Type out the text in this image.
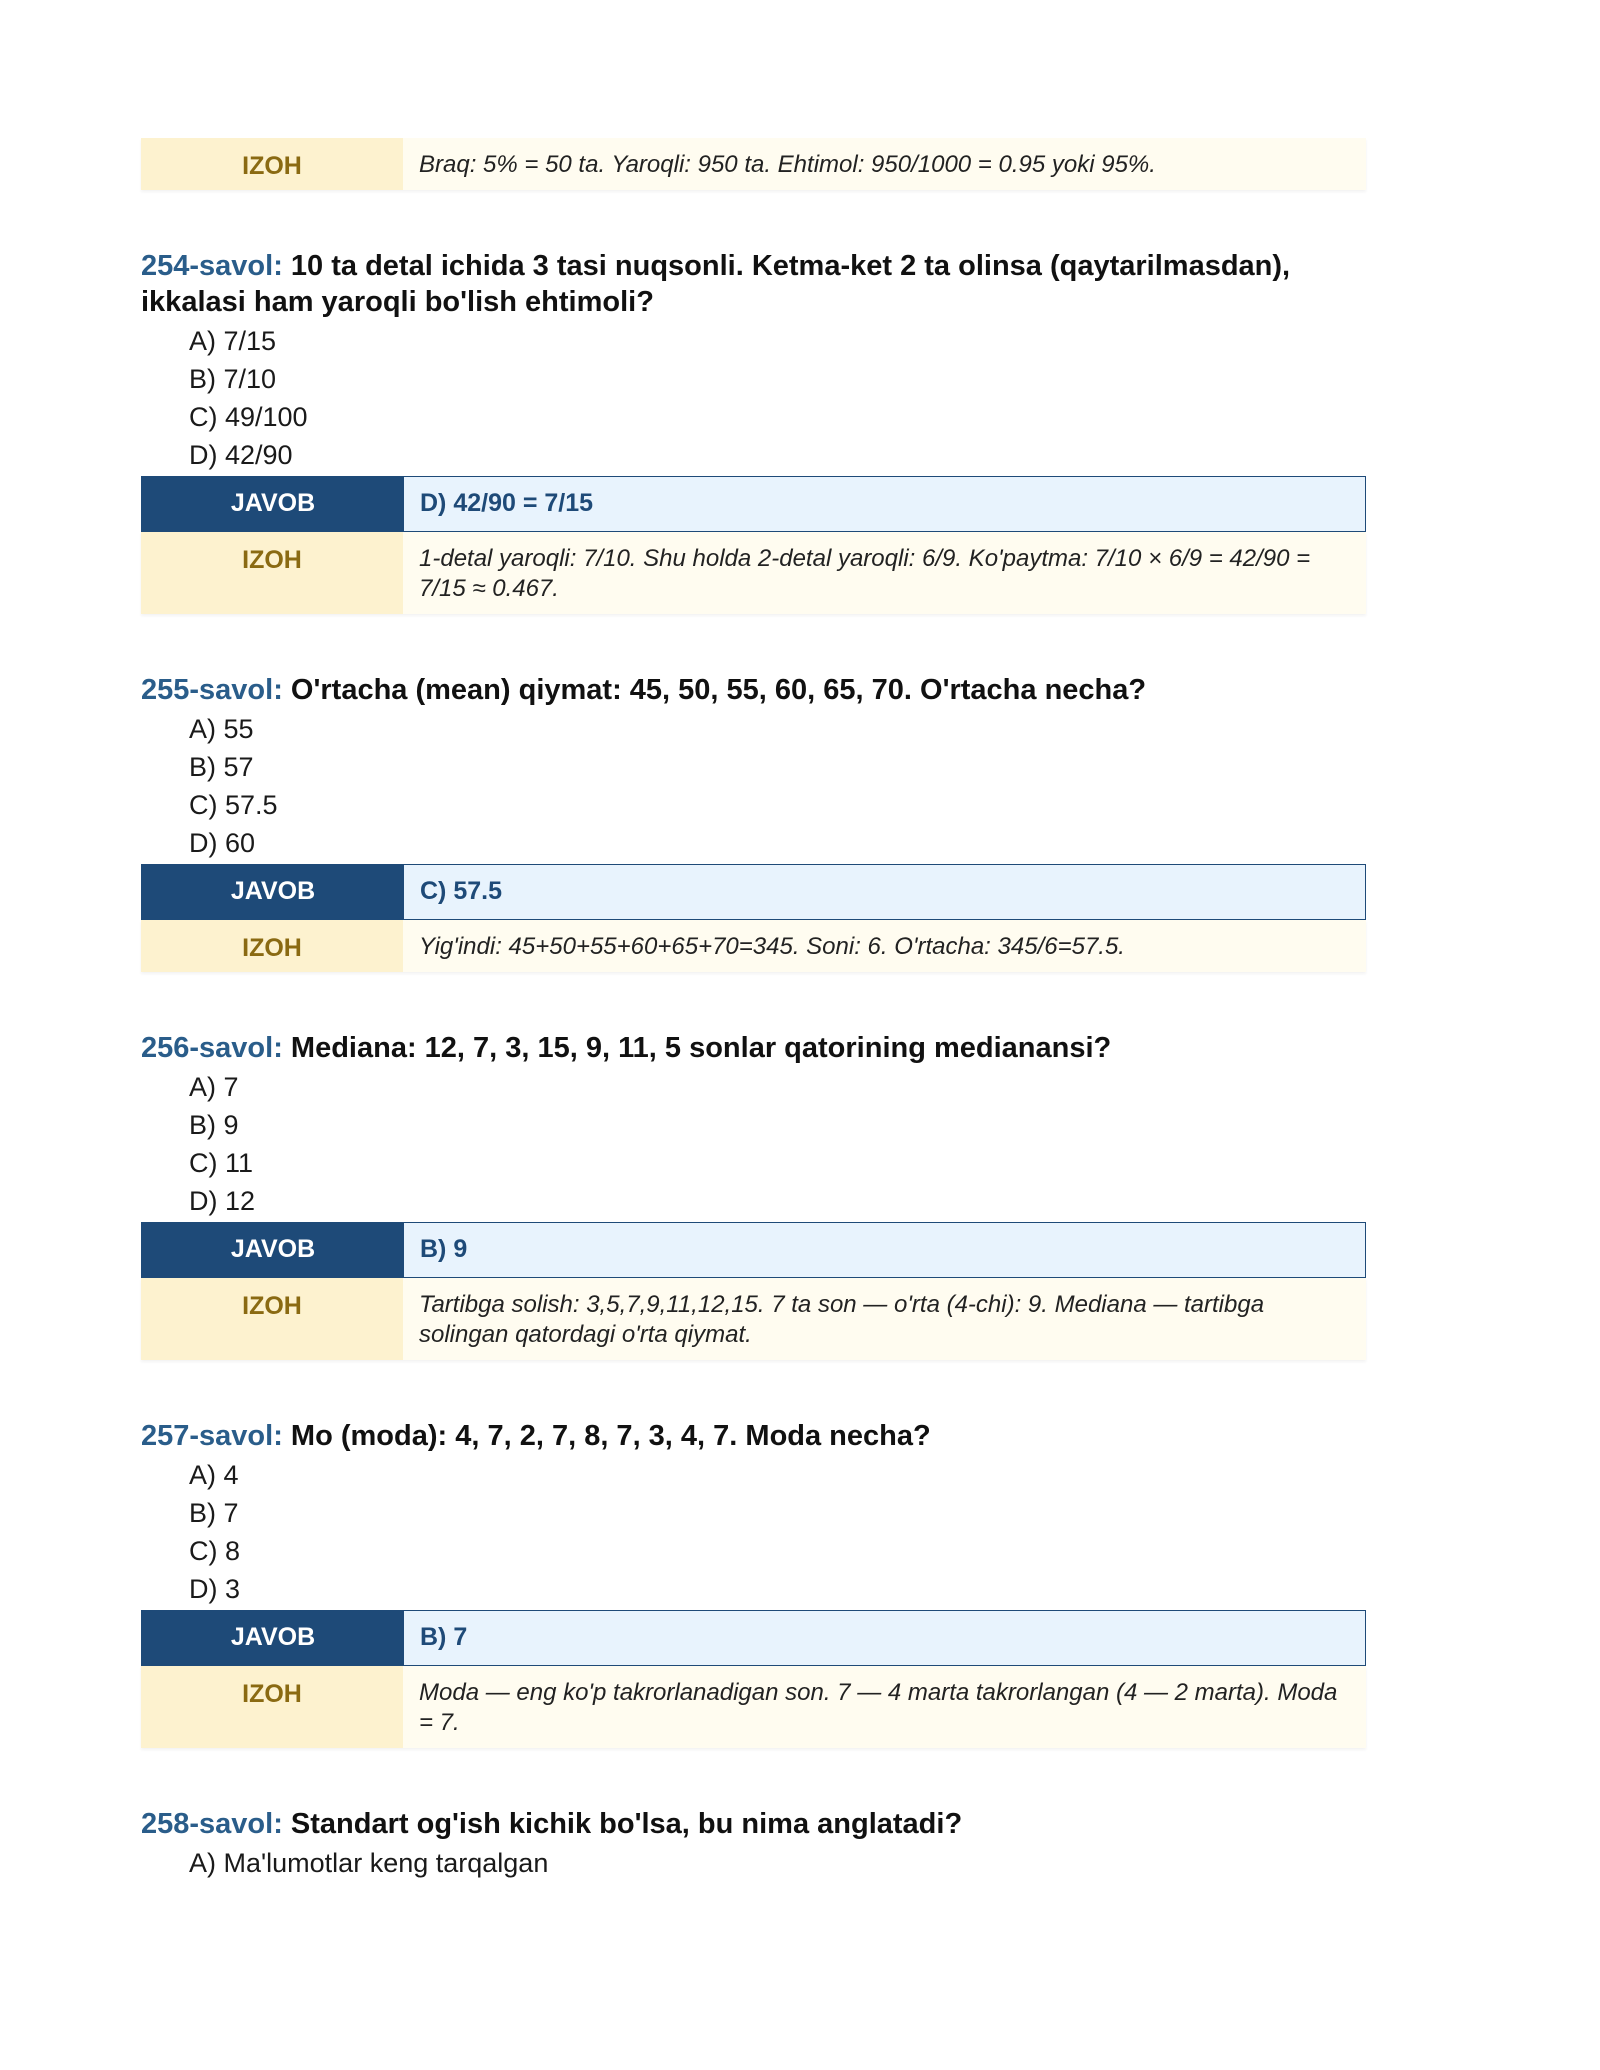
IZOH	Braq: 5% = 50 ta. Yaroqli: 950 ta. Ehtimol: 950/1000 = 0.95 yoki 95%.
254-savol: 10 ta detal ichida 3 tasi nuqsonli. Ketma-ket 2 ta olinsa (qaytarilmasdan), ikkalasi ham yaroqli bo'lish ehtimoli?
A) 7/15
B) 7/10
C) 49/100
D) 42/90
JAVOB	D) 42/90 = 7/15
IZOH	1-detal yaroqli: 7/10. Shu holda 2-detal yaroqli: 6/9. Ko'paytma: 7/10 × 6/9 = 42/90 = 7/15 ≈ 0.467.
255-savol: O'rtacha (mean) qiymat: 45, 50, 55, 60, 65, 70. O'rtacha necha?
A) 55
B) 57
C) 57.5
D) 60
JAVOB	C) 57.5
IZOH	Yig'indi: 45+50+55+60+65+70=345. Soni: 6. O'rtacha: 345/6=57.5.
256-savol: Mediana: 12, 7, 3, 15, 9, 11, 5 sonlar qatorining medianansi?
A) 7
B) 9
C) 11
D) 12
JAVOB	B) 9
IZOH	Tartibga solish: 3,5,7,9,11,12,15. 7 ta son — o'rta (4-chi): 9. Mediana — tartibga solingan qatordagi o'rta qiymat.
257-savol: Mo (moda): 4, 7, 2, 7, 8, 7, 3, 4, 7. Moda necha?
A) 4
B) 7
C) 8
D) 3
JAVOB	B) 7
IZOH	Moda — eng ko'p takrorlanadigan son. 7 — 4 marta takrorlangan (4 — 2 marta). Moda = 7.
258-savol: Standart og'ish kichik bo'lsa, bu nima anglatadi?
A) Ma'lumotlar keng tarqalgan
